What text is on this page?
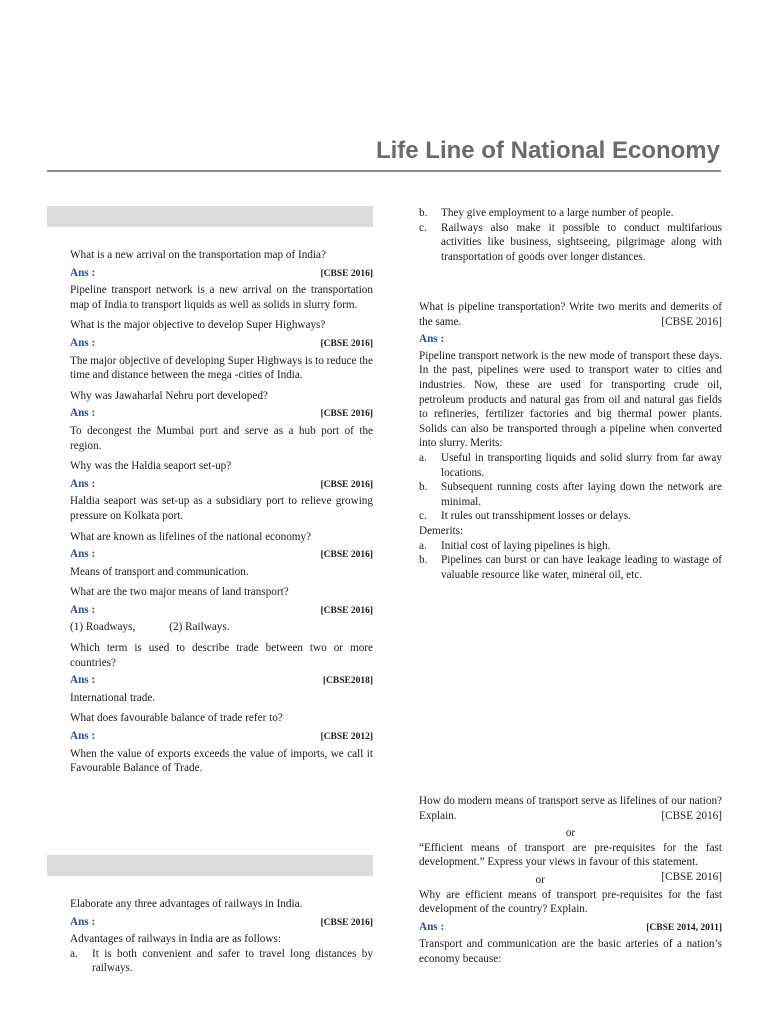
Life Line of National Economy

What is a new arrival on the transportation map of India?

Ans :	[CBSE 2016]

Pipeline transport network is a new arrival on the transportation map of India to transport liquids as well as solids in slurry form.

What is the major objective to develop Super Highways?

Ans :	[CBSE 2016]

The major objective of developing Super Highways is to reduce the time and distance between the mega -cities of India.

Why was Jawaharlal Nehru port developed?

Ans :	[CBSE 2016]

To decongest the Mumbai port and serve as a hub port of the region.

Why was the Haldia seaport set-up?

Ans :	[CBSE 2016]

Haldia seaport was set-up as a subsidiary port to relieve growing pressure on Kolkata port.

What are known as lifelines of the national economy?

Ans :	[CBSE 2016]

Means of transport and communication.

What are the two major means of land transport?

Ans :	[CBSE 2016]
(1) Roadways,	(2) Railways.

Which term is used to describe trade between two or more countries?

Ans :	[CBSE2018]

International trade.

What does favourable balance of trade refer to?

Ans :	[CBSE 2012]

When the value of exports exceeds the value of imports, we call it Favourable Balance of Trade.

Elaborate any three advantages of railways in India.

Ans :	[CBSE 2016]

Advantages of railways in India are as follows:

a. It is both convenient and safer to travel long distances by railways.
b. They give employment to a large number of people.
c. Railways also make it possible to conduct multifarious activities like business, sightseeing, pilgrimage along with transportation of goods over longer distances.

What is pipeline transportation? Write two merits and demerits of the same.	[CBSE 2016]

Ans :

Pipeline transport network is the new mode of transport these days. In the past, pipelines were used to transport water to cities and industries. Now, these are used for transporting crude oil, petroleum products and natural gas from oil and natural gas fields to refineries, fertilizer factories and big thermal power plants. Solids can also be transported through a pipeline when converted into slurry. Merits:

a. Useful in transporting liquids and solid slurry from far away locations.
b. Subsequent running costs after laying down the network are minimal.
c. It rules out transshipment losses or delays.

Demerits:

a. Initial cost of laying pipelines is high.
b. Pipelines can burst or can have leakage leading to wastage of valuable resource like water, mineral oil, etc.

How do modern means of transport serve as lifelines of our nation? Explain.	[CBSE 2016]

or

“Efficient means of transport are pre-requisites for the fast development.” Express your views in favour of this statement.
[CBSE 2016]

or

Why are efficient means of transport pre-requisites for the fast development of the country? Explain.

Ans :	[CBSE 2014, 2011]

Transport and communication are the basic arteries of a nation’s economy because:
